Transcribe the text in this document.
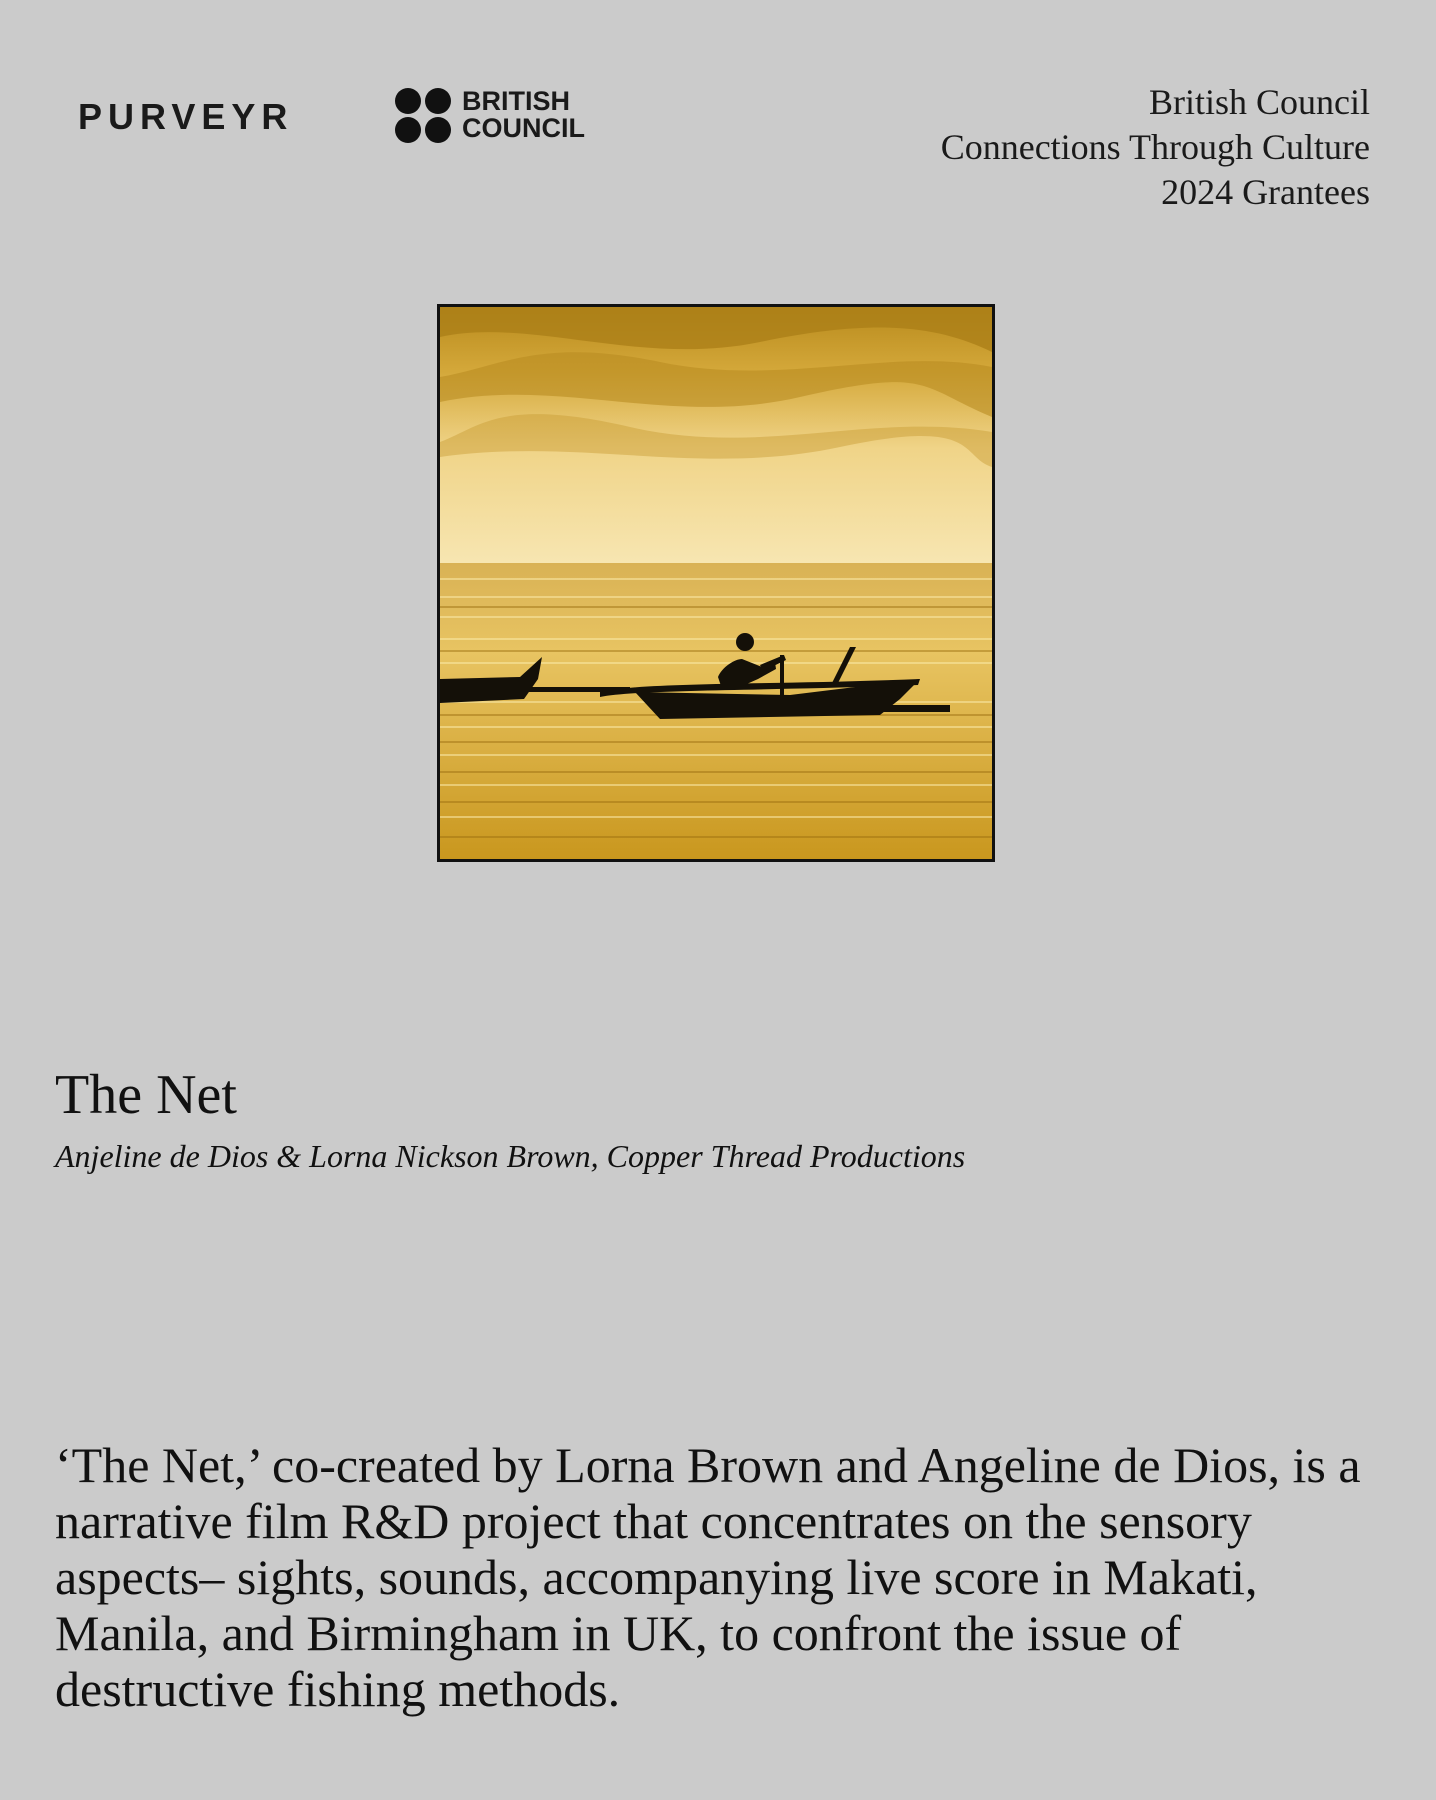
PURVEYR	BRITISH
COUNCIL
British Council
Connections Through Culture
2024 Grantees
The Net
Anjeline de Dios & Lorna Nickson Brown, Copper Thread Productions

‘The Net,’ co-created by Lorna Brown and Angeline de Dios, is a narrative film R&D project that concentrates on the sensory aspects– sights, sounds, accompanying live score in Makati, Manila, and Birmingham in UK, to confront the issue of destructive fishing methods.
